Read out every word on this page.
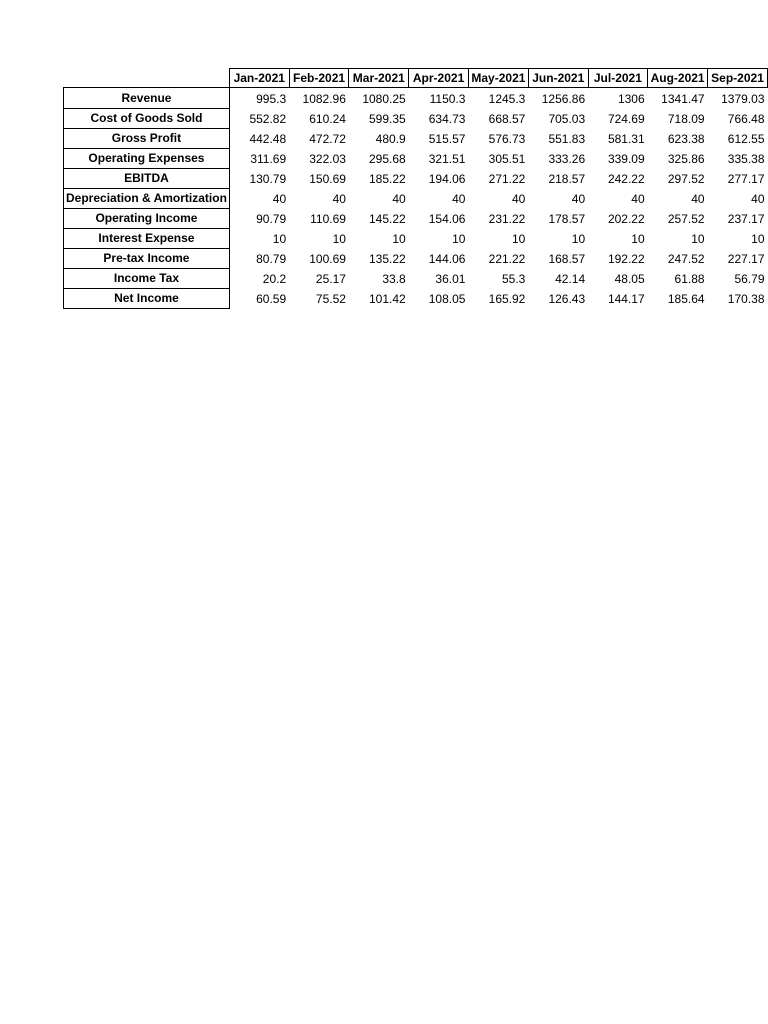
	Jan-2021	Feb-2021	Mar-2021	Apr-2021	May-2021	Jun-2021	Jul-2021	Aug-2021	Sep-2021
Revenue	995.3	1082.96	1080.25	1150.3	1245.3	1256.86	1306	1341.47	1379.03
Cost of Goods Sold	552.82	610.24	599.35	634.73	668.57	705.03	724.69	718.09	766.48
Gross Profit	442.48	472.72	480.9	515.57	576.73	551.83	581.31	623.38	612.55
Operating Expenses	311.69	322.03	295.68	321.51	305.51	333.26	339.09	325.86	335.38
EBITDA	130.79	150.69	185.22	194.06	271.22	218.57	242.22	297.52	277.17
Depreciation & Amortization	40	40	40	40	40	40	40	40	40
Operating Income	90.79	110.69	145.22	154.06	231.22	178.57	202.22	257.52	237.17
Interest Expense	10	10	10	10	10	10	10	10	10
Pre-tax Income	80.79	100.69	135.22	144.06	221.22	168.57	192.22	247.52	227.17
Income Tax	20.2	25.17	33.8	36.01	55.3	42.14	48.05	61.88	56.79
Net Income	60.59	75.52	101.42	108.05	165.92	126.43	144.17	185.64	170.38
